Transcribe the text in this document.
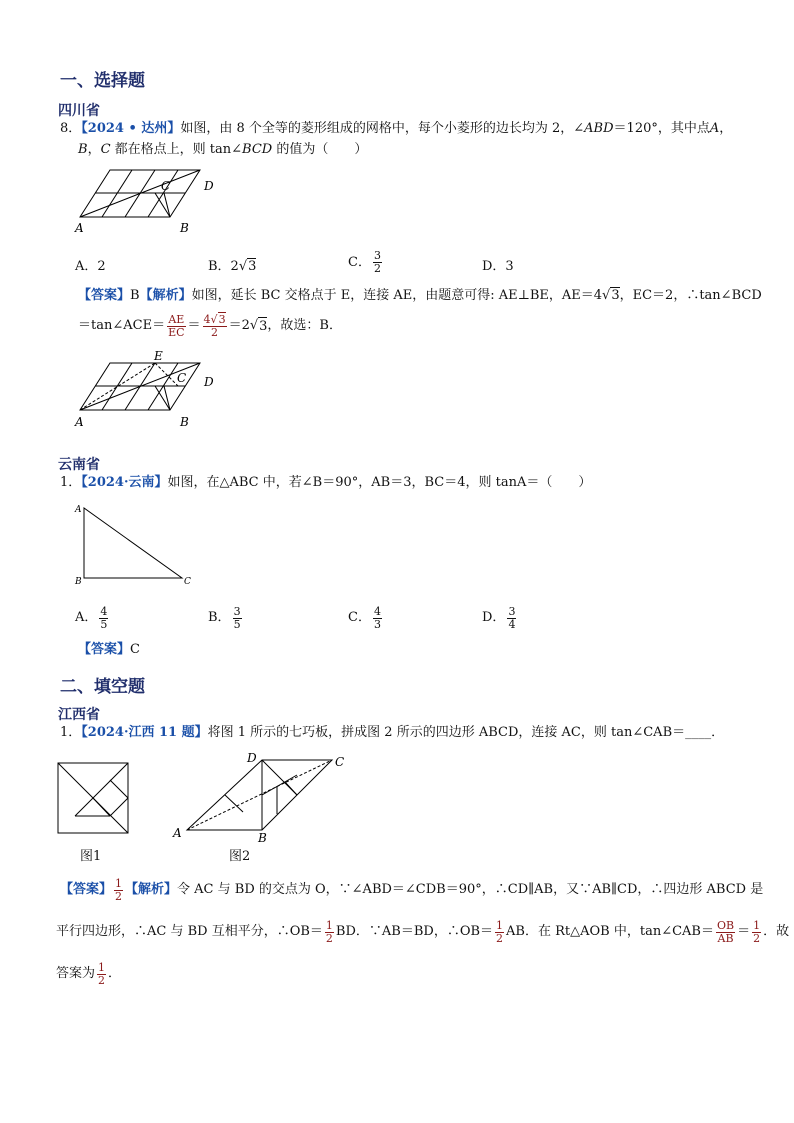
一、选择题
四川省
8．【2024 • 达州】如图，由 8 个全等的菱形组成的网格中，每个小菱形的边长均为 2，∠ABD＝120°，其中点A，
B，C 都在格点上，则 tan∠BCD 的值为（　　）
A	B
C	D
A．2	B．2√3	C． $\frac{3}{2}$	D．3
【答案】B【解析】如图，延长 BC 交格点于 E，连接 AE，由题意可得: AE⊥BE，AE＝4√3，EC＝2，∴tan∠BCD
＝tan∠ACE＝ $\frac{AE}{EC} = \frac{4√3}{2} =2$ √ 3 ，故选：B．
E
A	B
C D
云南省
1．【2024·云南】如图，在△ABC 中，若∠B＝90°，AB＝3，BC＝4，则 tanA＝（　　）
A
B	C
A． $\frac{4}{5}$	B． $\frac{3}{5}$	C． $\frac{4}{3}$	D． $\frac{3}{4}$
【答案】C
二、填空题
江西省
1．【2024·江西 11 题】将图 1 所示的七巧板，拼成图 2 所示的四边形 ABCD，连接 AC，则 tan∠CAB＝____．
图1
D	C
A	B
图2
【答案】 $\frac{1}{2}$ 【解析】 令 AC 与 BD 的交点为 O，∵∠ABD＝∠CDB＝90°，∴CD∥AB，又∵AB∥CD，∴四边形 ABCD 是
平行四边形，∴AC 与 BD 互相平分，∴OB＝ $\frac{1}{2}$ BD．∵AB＝BD，∴OB＝ $\frac{1}{2}$ AB．在 Rt△AOB 中，tan∠CAB＝ $\frac{OB}{AB} = \frac{1}{2}$ ．故
答案为 $\frac{1}{2}$ ．
